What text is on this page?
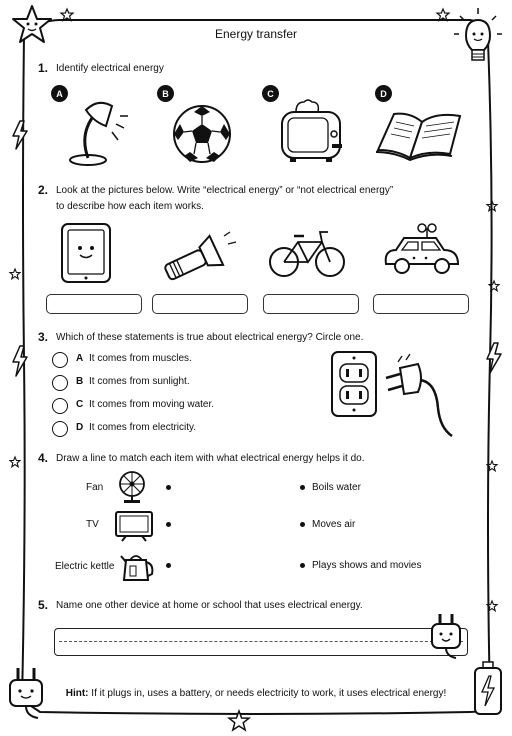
Energy transfer
1. Identify electrical energy
A	B	C	D
2. Look at the pictures below. Write “electrical energy” or “not electrical energy”
to describe how each item works.
3. Which of these statements is true about electrical energy? Circle one.
A It comes from muscles.
B It comes from sunlight.
C It comes from moving water.
D It comes from electricity.
4. Draw a line to match each item with what electrical energy helps it do.
Fan
TV
Electric kettle
Boils water
Moves air
Plays shows and movies
5. Name one other device at home or school that uses electrical energy.
Hint: If it plugs in, uses a battery, or needs electricity to work, it uses electrical energy!
